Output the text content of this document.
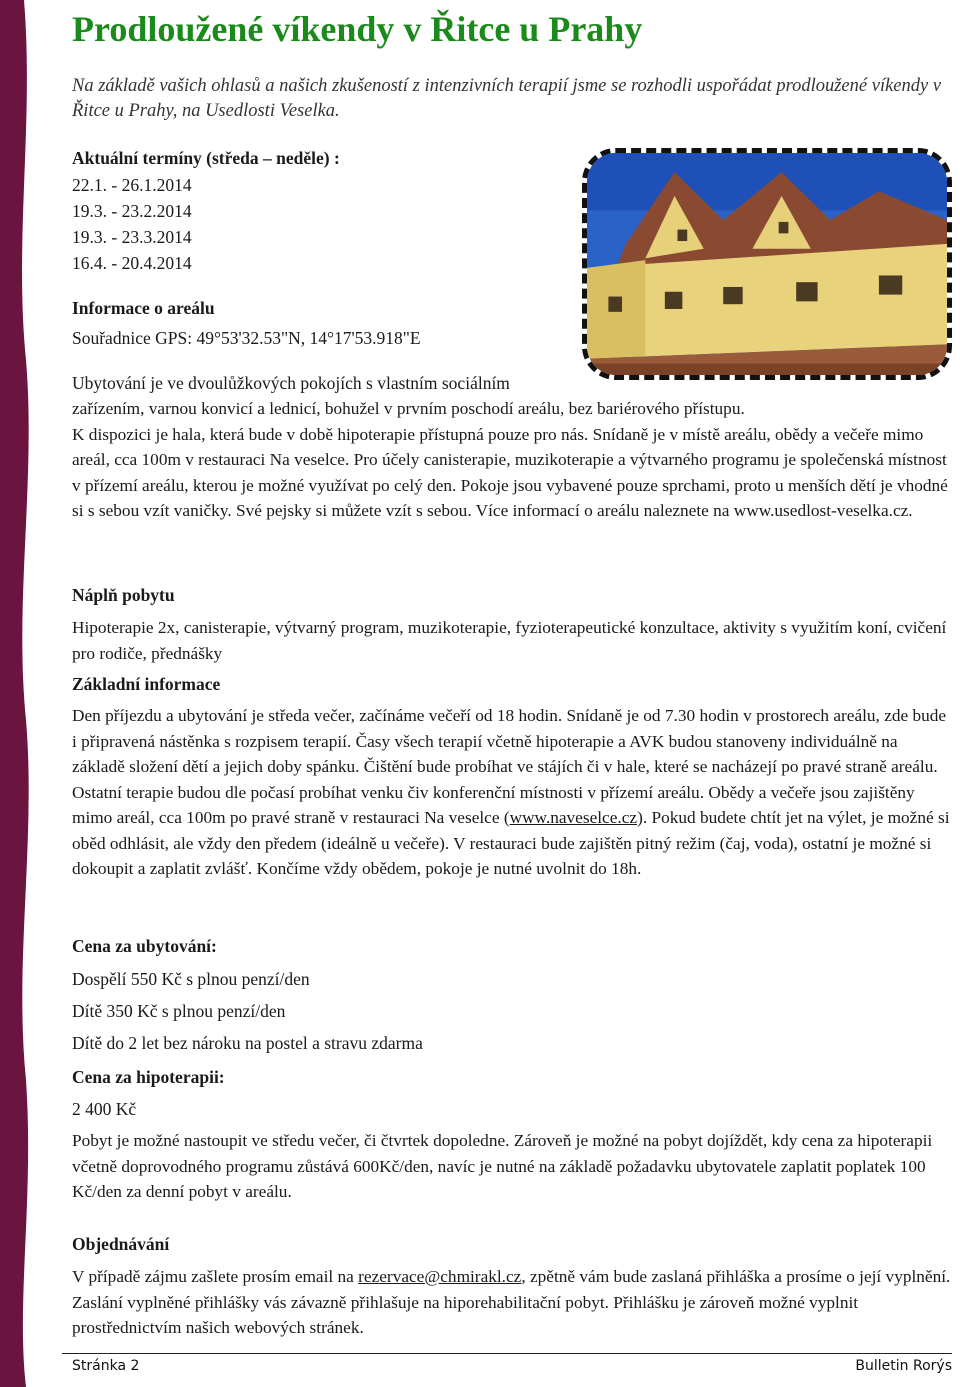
Prodloužené víkendy v Řitce u Prahy
Na základě vašich ohlasů a našich zkušeností z intenzivních terapií jsme se rozhodli uspořádat prodloužené víkendy v Řitce u Prahy, na Usedlosti Veselka.
Aktuální termíny (středa – neděle) :
22.1. - 26.1.2014
19.3. - 23.2.2014
19.3. - 23.3.2014
16.4. - 20.4.2014
Informace o areálu
Souřadnice GPS: 49°53'32.53"N, 14°17'53.918"E
Ubytování je ve dvoulůžkových pokojích s vlastním sociálním

zařízením, varnou konvicí a lednicí, bohužel v prvním poschodí areálu, bez bariérového přístupu.

K dispozici je hala, která bude v době hipoterapie přístupná pouze pro nás. Snídaně je v místě areálu, obědy a večeře mimo areál, cca 100m v restauraci Na veselce. Pro účely canisterapie, muzikoterapie a výtvarného programu je společenská místnost v přízemí areálu, kterou je možné využívat po celý den. Pokoje jsou vybavené pouze sprchami, proto u menších dětí je vhodné si s sebou vzít vaničky. Své pejsky si můžete vzít s sebou. Více informací o areálu naleznete na www.usedlost-veselka.cz.

Náplň pobytu
Hipoterapie 2x, canisterapie, výtvarný program, muzikoterapie, fyzioterapeutické konzultace, aktivity s využitím koní, cvičení pro rodiče, přednášky
Základní informace
Den příjezdu a ubytování je středa večer, začínáme večeří od 18 hodin. Snídaně je od 7.30 hodin v prostorech areálu, zde bude i připravená nástěnka s rozpisem terapií. Časy všech terapií včetně hipoterapie a AVK budou stanoveny individuálně na základě složení dětí a jejich doby spánku. Čištění bude probíhat ve stájích či v hale, které se nacházejí po pravé straně areálu. Ostatní terapie budou dle počasí probíhat venku čiv konferenční místnosti v přízemí areálu. Obědy a večeře jsou zajištěny mimo areál, cca 100m po pravé straně v restauraci Na veselce (www.naveselce.cz). Pokud budete chtít jet na výlet, je možné si oběd odhlásit, ale vždy den předem (ideálně u večeře). V restauraci bude zajištěn pitný režim (čaj, voda), ostatní je možné si dokoupit a zaplatit zvlášť. Končíme vždy obědem, pokoje je nutné uvolnit do 18h.
Cena za ubytování:
Dospělí 550 Kč s plnou penzí/den
Dítě 350 Kč s plnou penzí/den
Dítě do 2 let bez nároku na postel a stravu zdarma
Cena za hipoterapii:
2 400 Kč
Pobyt je možné nastoupit ve středu večer, či čtvrtek dopoledne. Zároveň je možné na pobyt dojíždět, kdy cena za hipoterapii včetně doprovodného programu zůstává 600Kč/den, navíc je nutné na základě požadavku ubytovatele zaplatit poplatek 100 Kč/den za denní pobyt v areálu.
Objednávání
V případě zájmu zašlete prosím email na rezervace@chmirakl.cz, zpětně vám bude zaslaná přihláška a prosíme o její vyplnění. Zaslání vyplněné přihlášky vás závazně přihlašuje na hiporehabilitační pobyt. Přihlášku je zároveň možné vyplnit prostřednictvím našich webových stránek.
Stránka 2	Bulletin Rorýs
